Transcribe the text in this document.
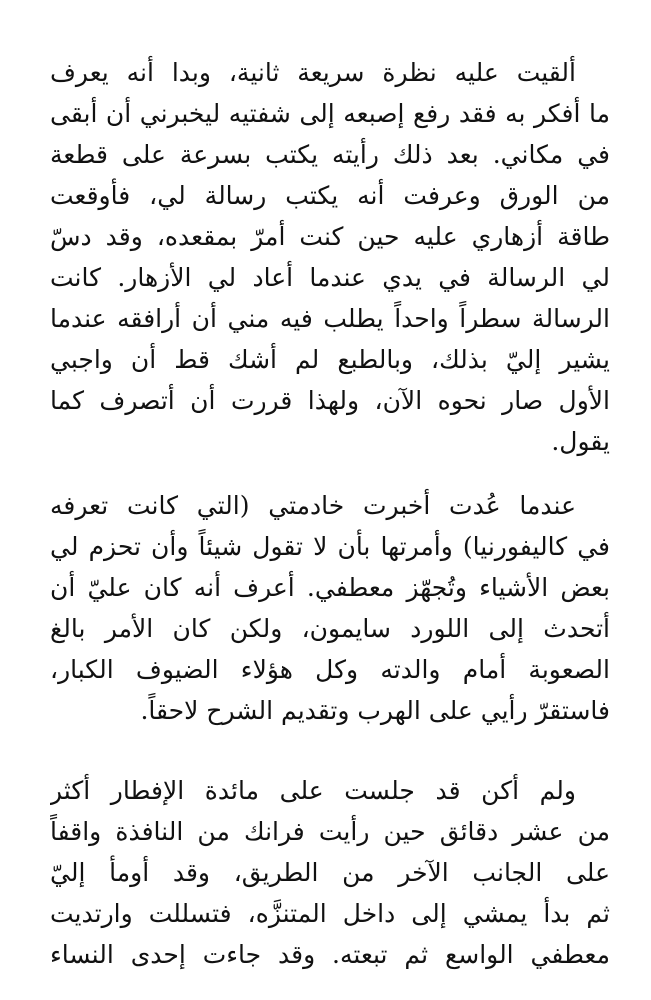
ألقيت عليه نظرة سريعة ثانية، وبدا أنه يعرف
ما أفكر به فقد رفع إصبعه إلى شفتيه ليخبرني أن أبقى
في مكاني. بعد ذلك رأيته يكتب بسرعة على قطعة
من الورق وعرفت أنه يكتب رسالة لي، فأوقعت
طاقة أزهاري عليه حين كنت أمرّ بمقعده، وقد دسّ
لي الرسالة في يدي عندما أعاد لي الأزهار. كانت
الرسالة سطراً واحداً يطلب فيه مني أن أرافقه عندما
يشير إليّ بذلك، وبالطبع لم أشك قط أن واجبي
الأول صار نحوه الآن، ولهذا قررت أن أتصرف كما
يقول.
عندما عُدت أخبرت خادمتي (التي كانت تعرفه
في كاليفورنيا) وأمرتها بأن لا تقول شيئاً وأن تحزم لي
بعض الأشياء وتُجهّز معطفي. أعرف أنه كان عليّ أن
أتحدث إلى اللورد سايمون، ولكن كان الأمر بالغ
الصعوبة أمام والدته وكل هؤلاء الضيوف الكبار،
فاستقرّ رأيي على الهرب وتقديم الشرح لاحقاً.
ولم أكن قد جلست على مائدة الإفطار أكثر
من عشر دقائق حين رأيت فرانك من النافذة واقفاً
على الجانب الآخر من الطريق، وقد أومأ إليّ
ثم بدأ يمشي إلى داخل المتنزَّه، فتسللت وارتديت
معطفي الواسع ثم تبعته. وقد جاءت إحدى النساء
